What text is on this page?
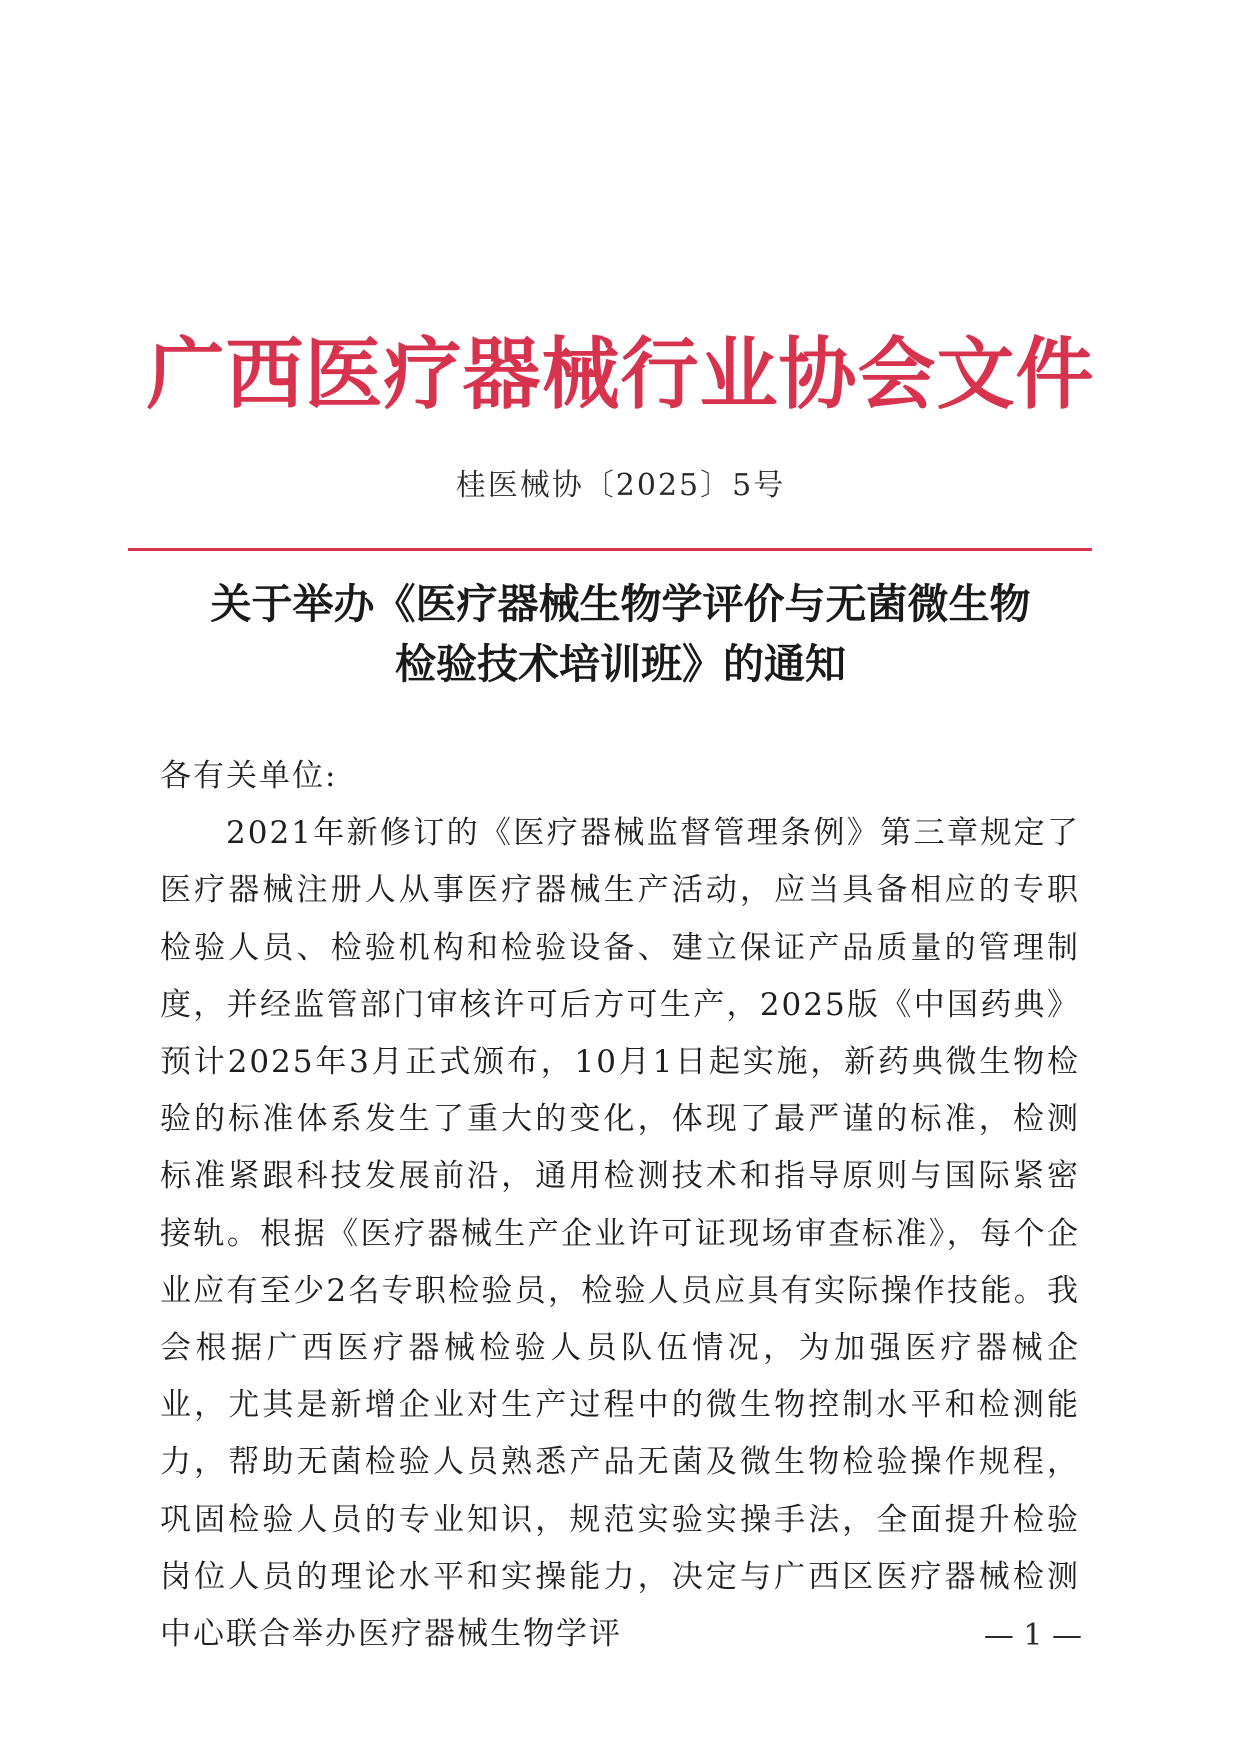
广西医疗器械行业协会文件
桂医械协〔2025〕5号
关于举办《医疗器械生物学评价与无菌微生物
检验技术培训班》的通知

各有关单位:

2021年新修订的《医疗器械监督管理条例》第三章规定了医疗器械注册人从事医疗器械生产活动，应当具备相应的专职检验人员、检验机构和检验设备、建立保证产品质量的管理制度，并经监管部门审核许可后方可生产，2025版《中国药典》预计2025年3月正式颁布，10月1日起实施，新药典微生物检验的标准体系发生了重大的变化，体现了最严谨的标准，检测标准紧跟科技发展前沿，通用检测技术和指导原则与国际紧密接轨。根据《医疗器械生产企业许可证现场审查标准》，每个企业应有至少2名专职检验员，检验人员应具有实际操作技能。我会根据广西医疗器械检验人员队伍情况，为加强医疗器械企业，尤其是新增企业对生产过程中的微生物控制水平和检测能力，帮助无菌检验人员熟悉产品无菌及微生物检验操作规程，巩固检验人员的专业知识，规范实验实操手法，全面提升检验岗位人员的理论水平和实操能力，决定与广西区医疗器械检测中心联合举办医疗器械生物学评	— 1 —
